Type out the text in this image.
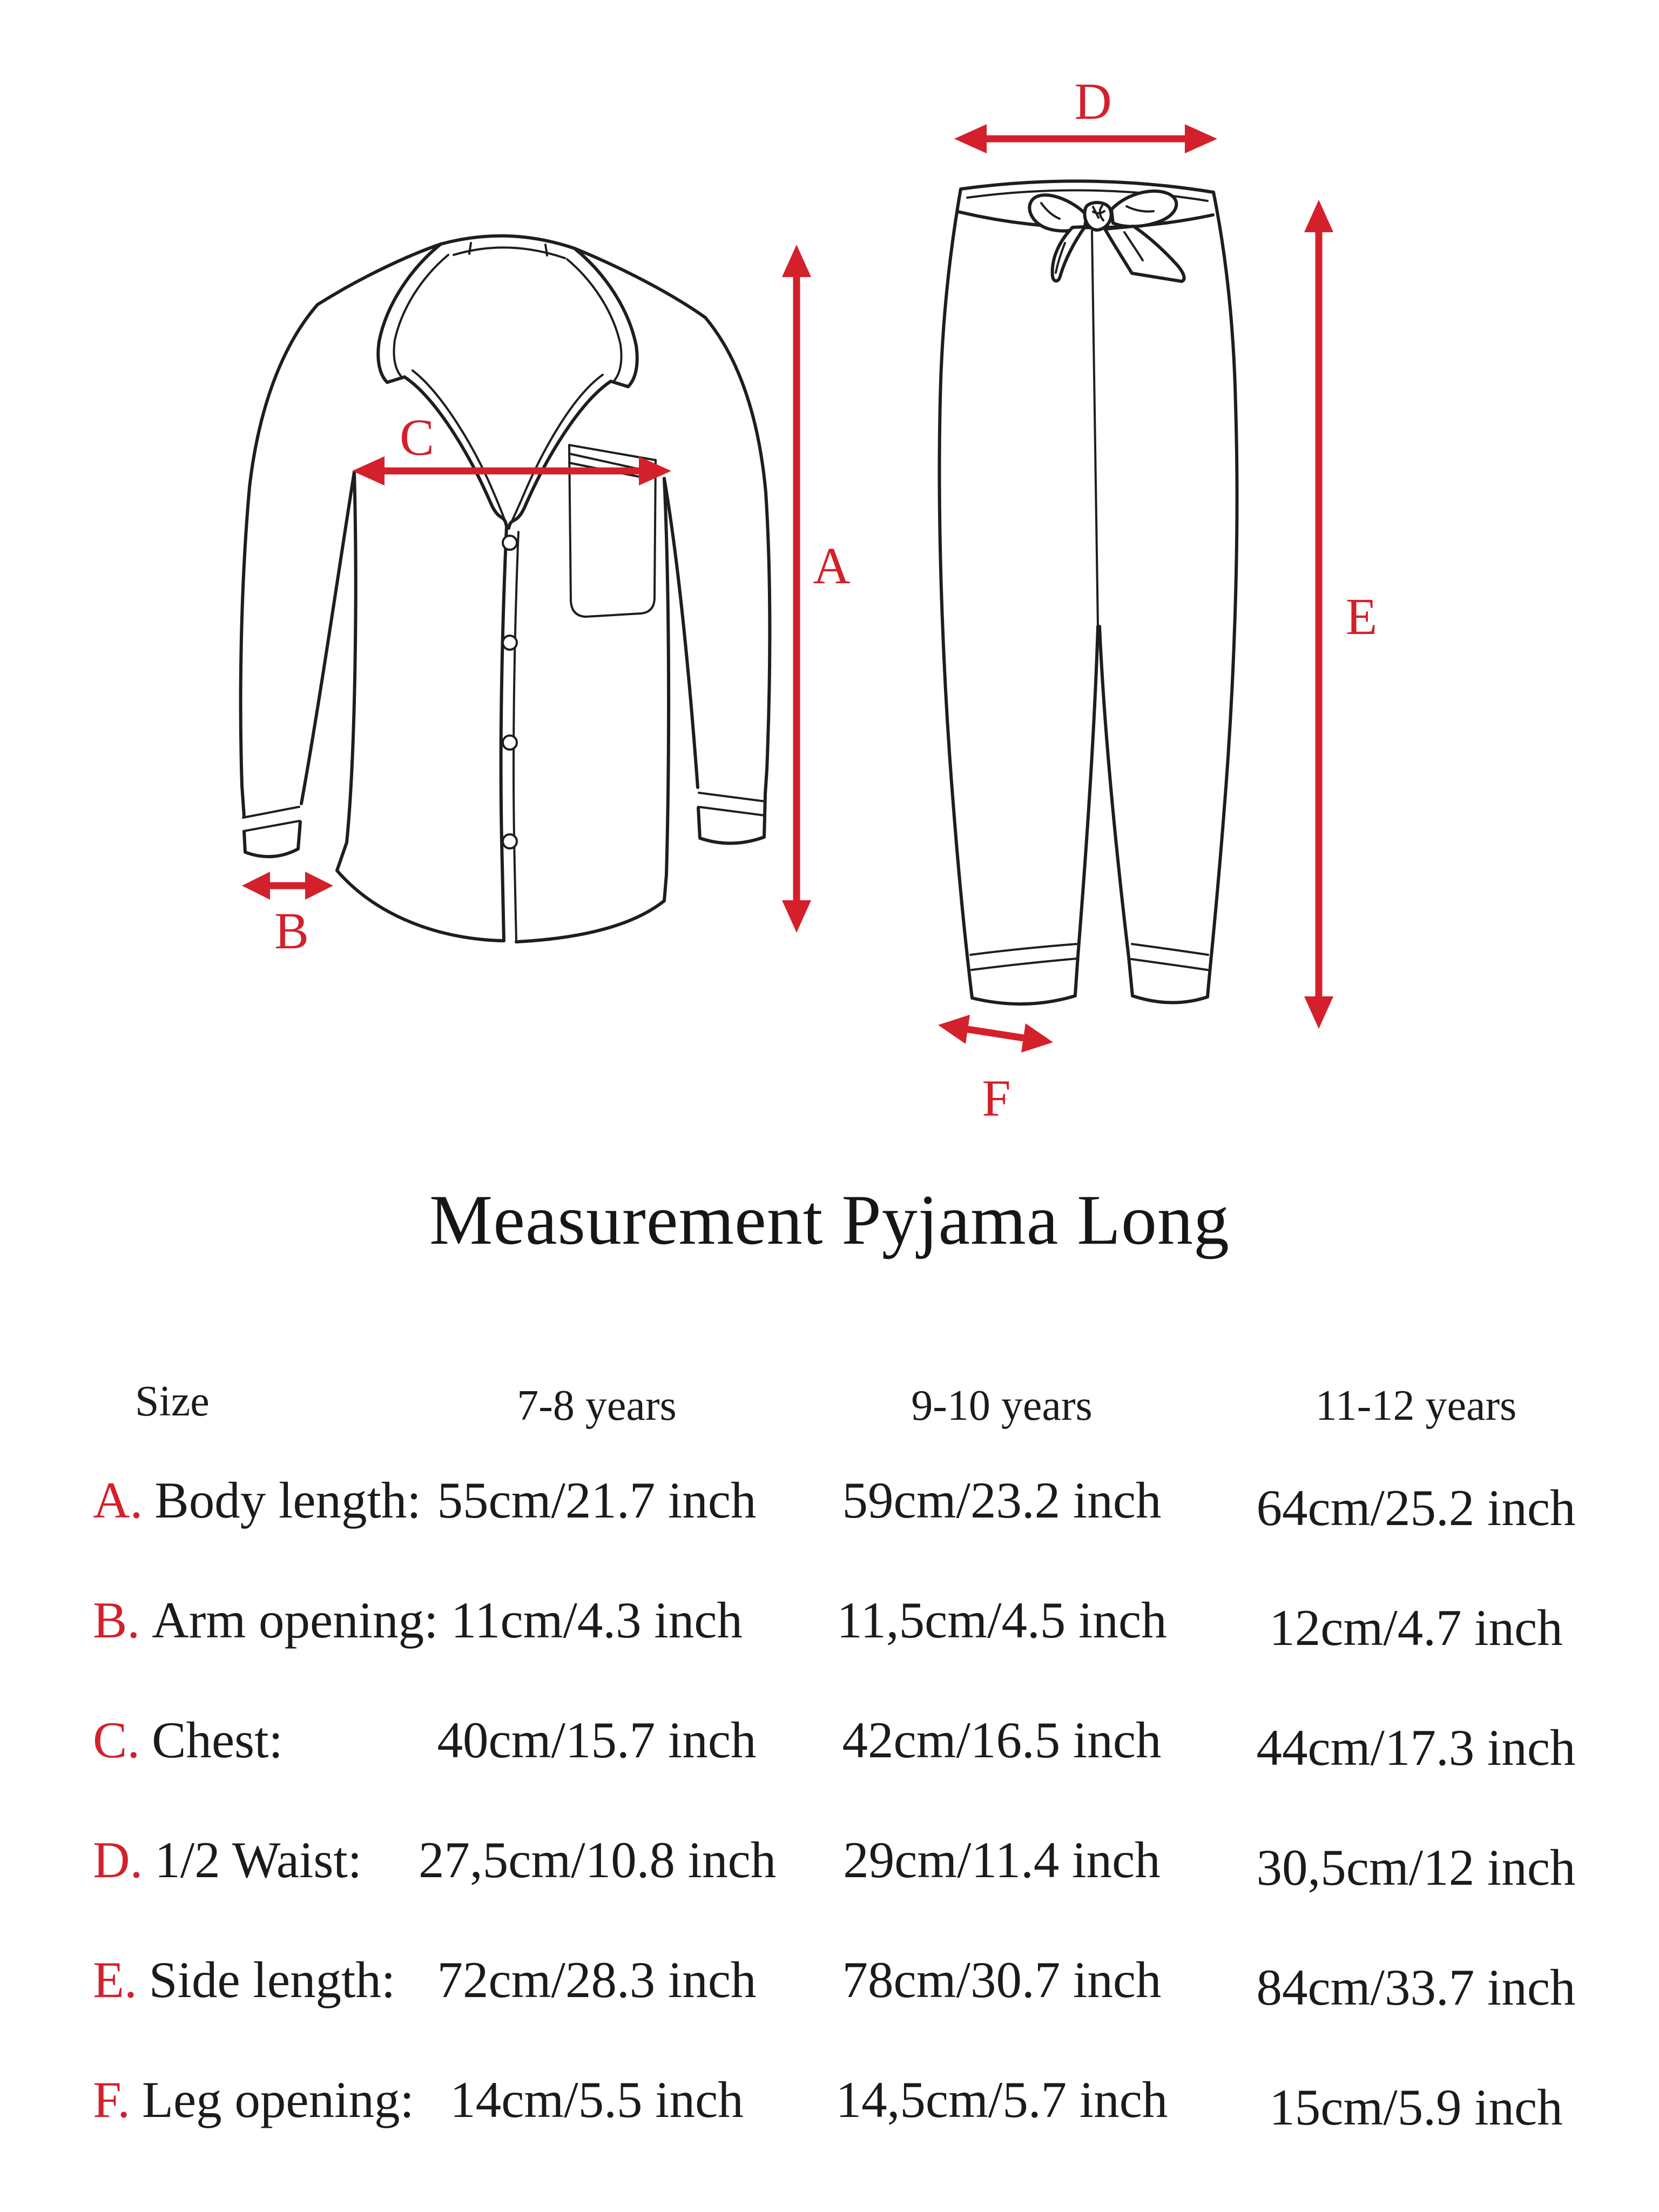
A
B
C
D
E
F
Measurement Pyjama Long
Size	7-8 years	9-10 years	11-12 years
A. Body length: 55cm/21.7 inch	59cm/23.2 inch	64cm/25.2 inch
B. Arm opening: 11cm/4.3 inch	11,5cm/4.5 inch	12cm/4.7 inch
C. Chest:	40cm/15.7 inch	42cm/16.5 inch	44cm/17.3 inch
D. 1/2 Waist: 27,5cm/10.8 inch	29cm/11.4 inch	30,5cm/12 inch
E. Side length: 72cm/28.3 inch	78cm/30.7 inch	84cm/33.7 inch
F. Leg opening: 14cm/5.5 inch	14,5cm/5.7 inch	15cm/5.9 inch
